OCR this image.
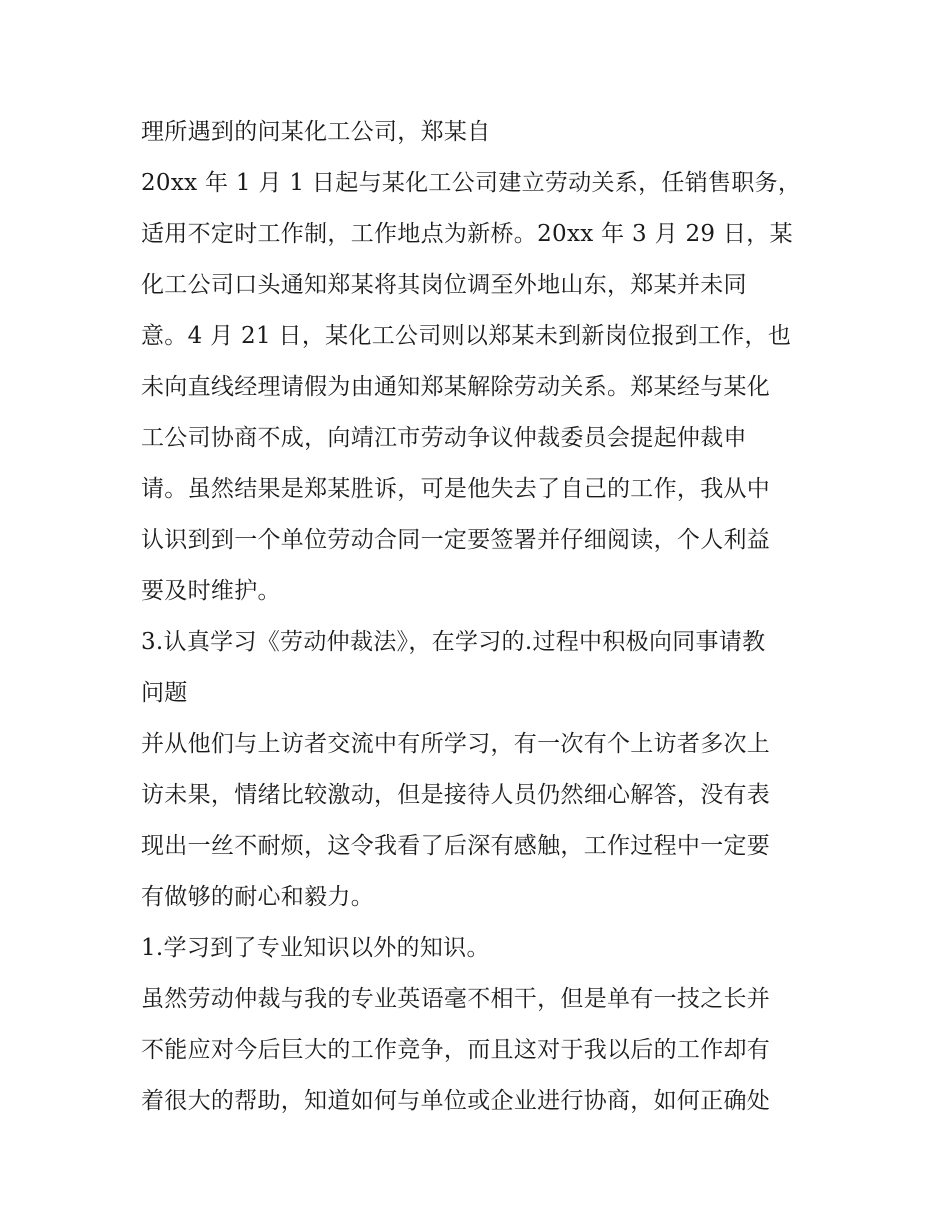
理所遇到的问某化工公司，郑某自
20xx 年 1 月 1 日起与某化工公司建立劳动关系，任销售职务，
适用不定时工作制，工作地点为新桥。20xx 年 3 月 29 日，某
化工公司口头通知郑某将其岗位调至外地山东，郑某并未同
意。4 月 21 日，某化工公司则以郑某未到新岗位报到工作，也
未向直线经理请假为由通知郑某解除劳动关系。郑某经与某化
工公司协商不成，向靖江市劳动争议仲裁委员会提起仲裁申
请。虽然结果是郑某胜诉，可是他失去了自己的工作，我从中
认识到到一个单位劳动合同一定要签署并仔细阅读，个人利益
要及时维护。
3.认真学习《劳动仲裁法》，在学习的.过程中积极向同事请教
问题
并从他们与上访者交流中有所学习，有一次有个上访者多次上
访未果，情绪比较激动，但是接待人员仍然细心解答，没有表
现出一丝不耐烦，这令我看了后深有感触，工作过程中一定要
有做够的耐心和毅力。
1.学习到了专业知识以外的知识。
虽然劳动仲裁与我的专业英语毫不相干，但是单有一技之长并
不能应对今后巨大的工作竞争，而且这对于我以后的工作却有
着很大的帮助，知道如何与单位或企业进行协商，如何正确处
